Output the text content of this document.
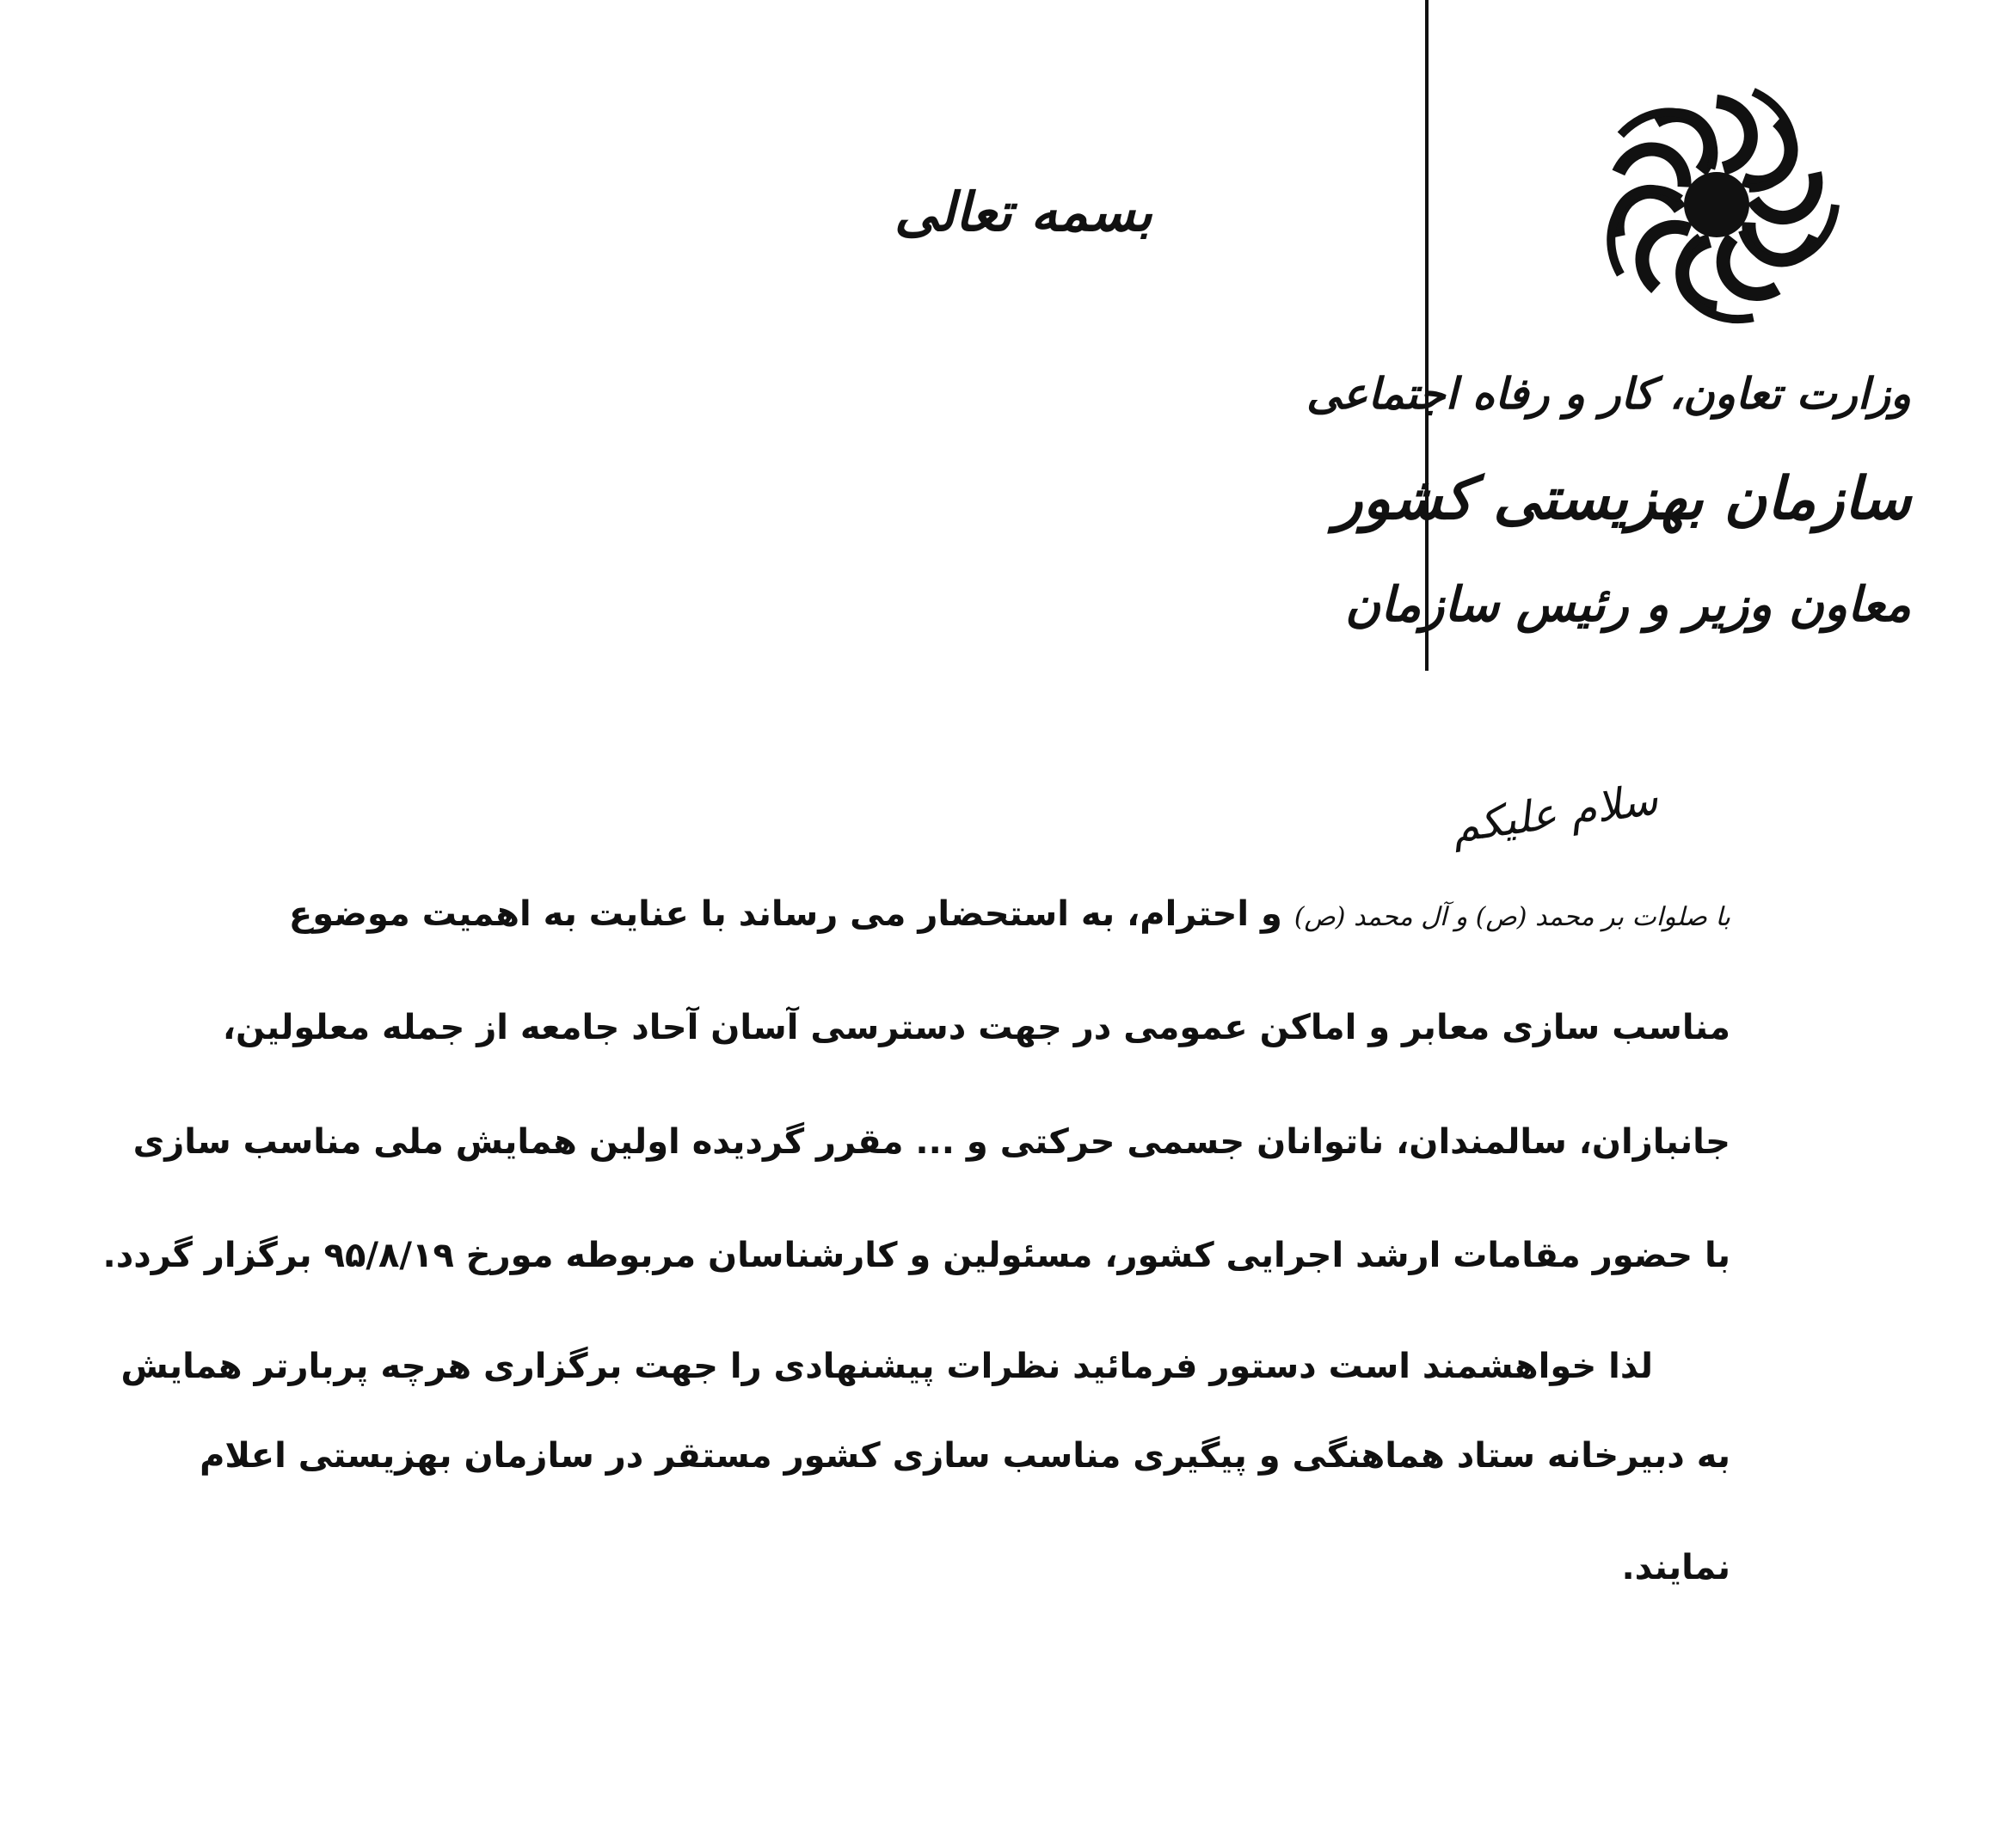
وزارت تعاون، کار و رفاه اجتماعی
سازمان بهزیستی کشور
معاون وزیر و رئیس سازمان
بسمه تعالی
سلام علیکم
با صلوات بر محمد (ص) و آل محمد (ص) و احترام، به استحضار می رساند با عنایت به اهمیت موضوع
مناسب سازی معابر و اماکن عمومی در جهت دسترسی آسان آحاد جامعه از جمله معلولین،
جانبازان، سالمندان، ناتوانان جسمی حرکتی و ... مقرر گردیده اولین همایش ملی مناسب سازی
با حضور مقامات ارشد اجرایی کشور، مسئولین و کارشناسان مربوطه مورخ ۹۵/۸/۱۹ برگزار گردد.
لذا خواهشمند است دستور فرمائید نظرات پیشنهادی را جهت برگزاری هرچه پربارتر همایش
به دبیرخانه ستاد هماهنگی و پیگیری مناسب سازی کشور مستقر در سازمان بهزیستی اعلام
نمایند.
